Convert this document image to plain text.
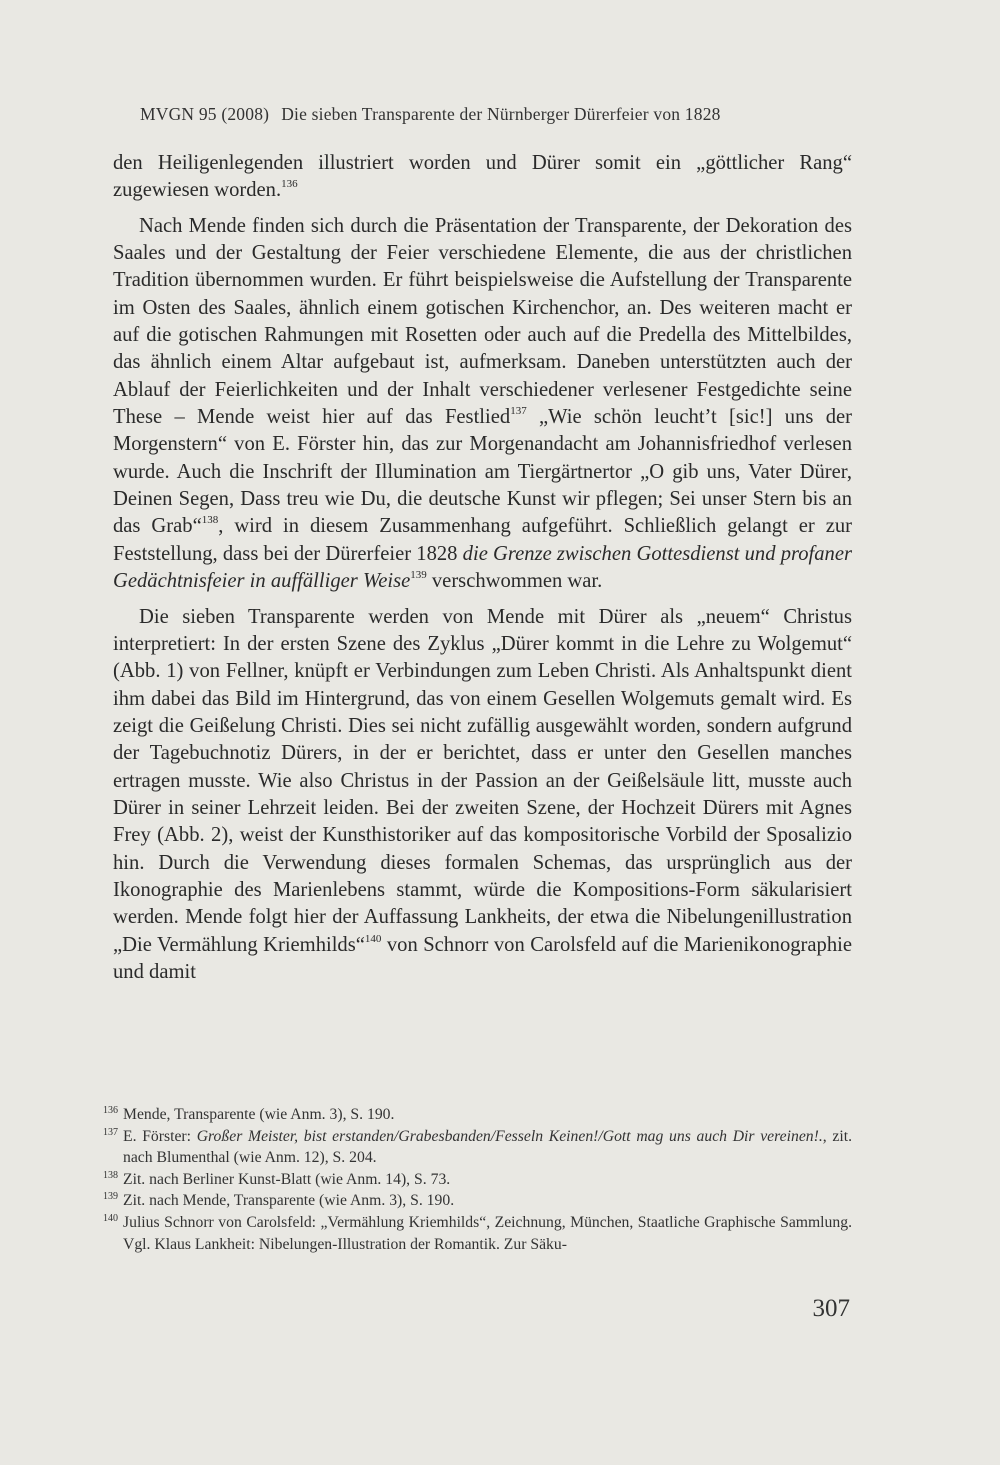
MVGN 95 (2008) Die sieben Transparente der Nürnberger Dürerfeier von 1828

den Heiligenlegenden illustriert worden und Dürer somit ein „göttlicher Rang“ zugewiesen worden.$^{136}$

Nach Mende finden sich durch die Präsentation der Transparente, der Dekoration des Saales und der Gestaltung der Feier verschiedene Elemente, die aus der christlichen Tradition übernommen wurden. Er führt beispielsweise die Aufstellung der Transparente im Osten des Saales, ähnlich einem gotischen Kirchenchor, an. Des weiteren macht er auf die gotischen Rahmungen mit Rosetten oder auch auf die Predella des Mittelbildes, das ähnlich einem Altar aufgebaut ist, aufmerksam. Daneben unterstützten auch der Ablauf der Feierlichkeiten und der Inhalt verschiedener verlesener Festgedichte seine These – Mende weist hier auf das Festlied$^{137}$ „Wie schön leucht’t [sic!] uns der Morgenstern“ von E. Förster hin, das zur Morgenandacht am Johannisfriedhof verlesen wurde. Auch die Inschrift der Illumination am Tiergärtnertor „O gib uns, Vater Dürer, Deinen Segen, Dass treu wie Du, die deutsche Kunst wir pflegen; Sei unser Stern bis an das Grab“$^{138}$, wird in diesem Zusammenhang aufgeführt. Schließlich gelangt er zur Feststellung, dass bei der Dürerfeier 1828 die Grenze zwischen Gottesdienst und profaner Gedächtnisfeier in auffälliger Weise$^{139}$ verschwommen war.

Die sieben Transparente werden von Mende mit Dürer als „neuem“ Christus interpretiert: In der ersten Szene des Zyklus „Dürer kommt in die Lehre zu Wolgemut“ (Abb. 1) von Fellner, knüpft er Verbindungen zum Leben Christi. Als Anhaltspunkt dient ihm dabei das Bild im Hintergrund, das von einem Gesellen Wolgemuts gemalt wird. Es zeigt die Geißelung Christi. Dies sei nicht zufällig ausgewählt worden, sondern aufgrund der Tagebuchnotiz Dürers, in der er berichtet, dass er unter den Gesellen manches ertragen musste. Wie also Christus in der Passion an der Geißelsäule litt, musste auch Dürer in seiner Lehrzeit leiden. Bei der zweiten Szene, der Hochzeit Dürers mit Agnes Frey (Abb. 2), weist der Kunsthistoriker auf das kompositorische Vorbild der Sposalizio hin. Durch die Verwendung dieses formalen Schemas, das ursprünglich aus der Ikonographie des Marienlebens stammt, würde die Kompositions-Form säkularisiert werden. Mende folgt hier der Auffassung Lankheits, der etwa die Nibelungenillustration „Die Vermählung Kriemhilds“$^{140}$ von Schnorr von Carolsfeld auf die Marienikonographie und damit

136 Mende, Transparente (wie Anm. 3), S. 190.
137 E. Förster: Großer Meister, bist erstanden/Grabesbanden/Fesseln Keinen!/Gott mag uns auch Dir vereinen!., zit. nach Blumenthal (wie Anm. 12), S. 204.
138 Zit. nach Berliner Kunst-Blatt (wie Anm. 14), S. 73.
139 Zit. nach Mende, Transparente (wie Anm. 3), S. 190.
140 Julius Schnorr von Carolsfeld: „Vermählung Kriemhilds“, Zeichnung, München, Staatliche Graphische Sammlung. Vgl. Klaus Lankheit: Nibelungen-Illustration der Romantik. Zur Säku-
307
